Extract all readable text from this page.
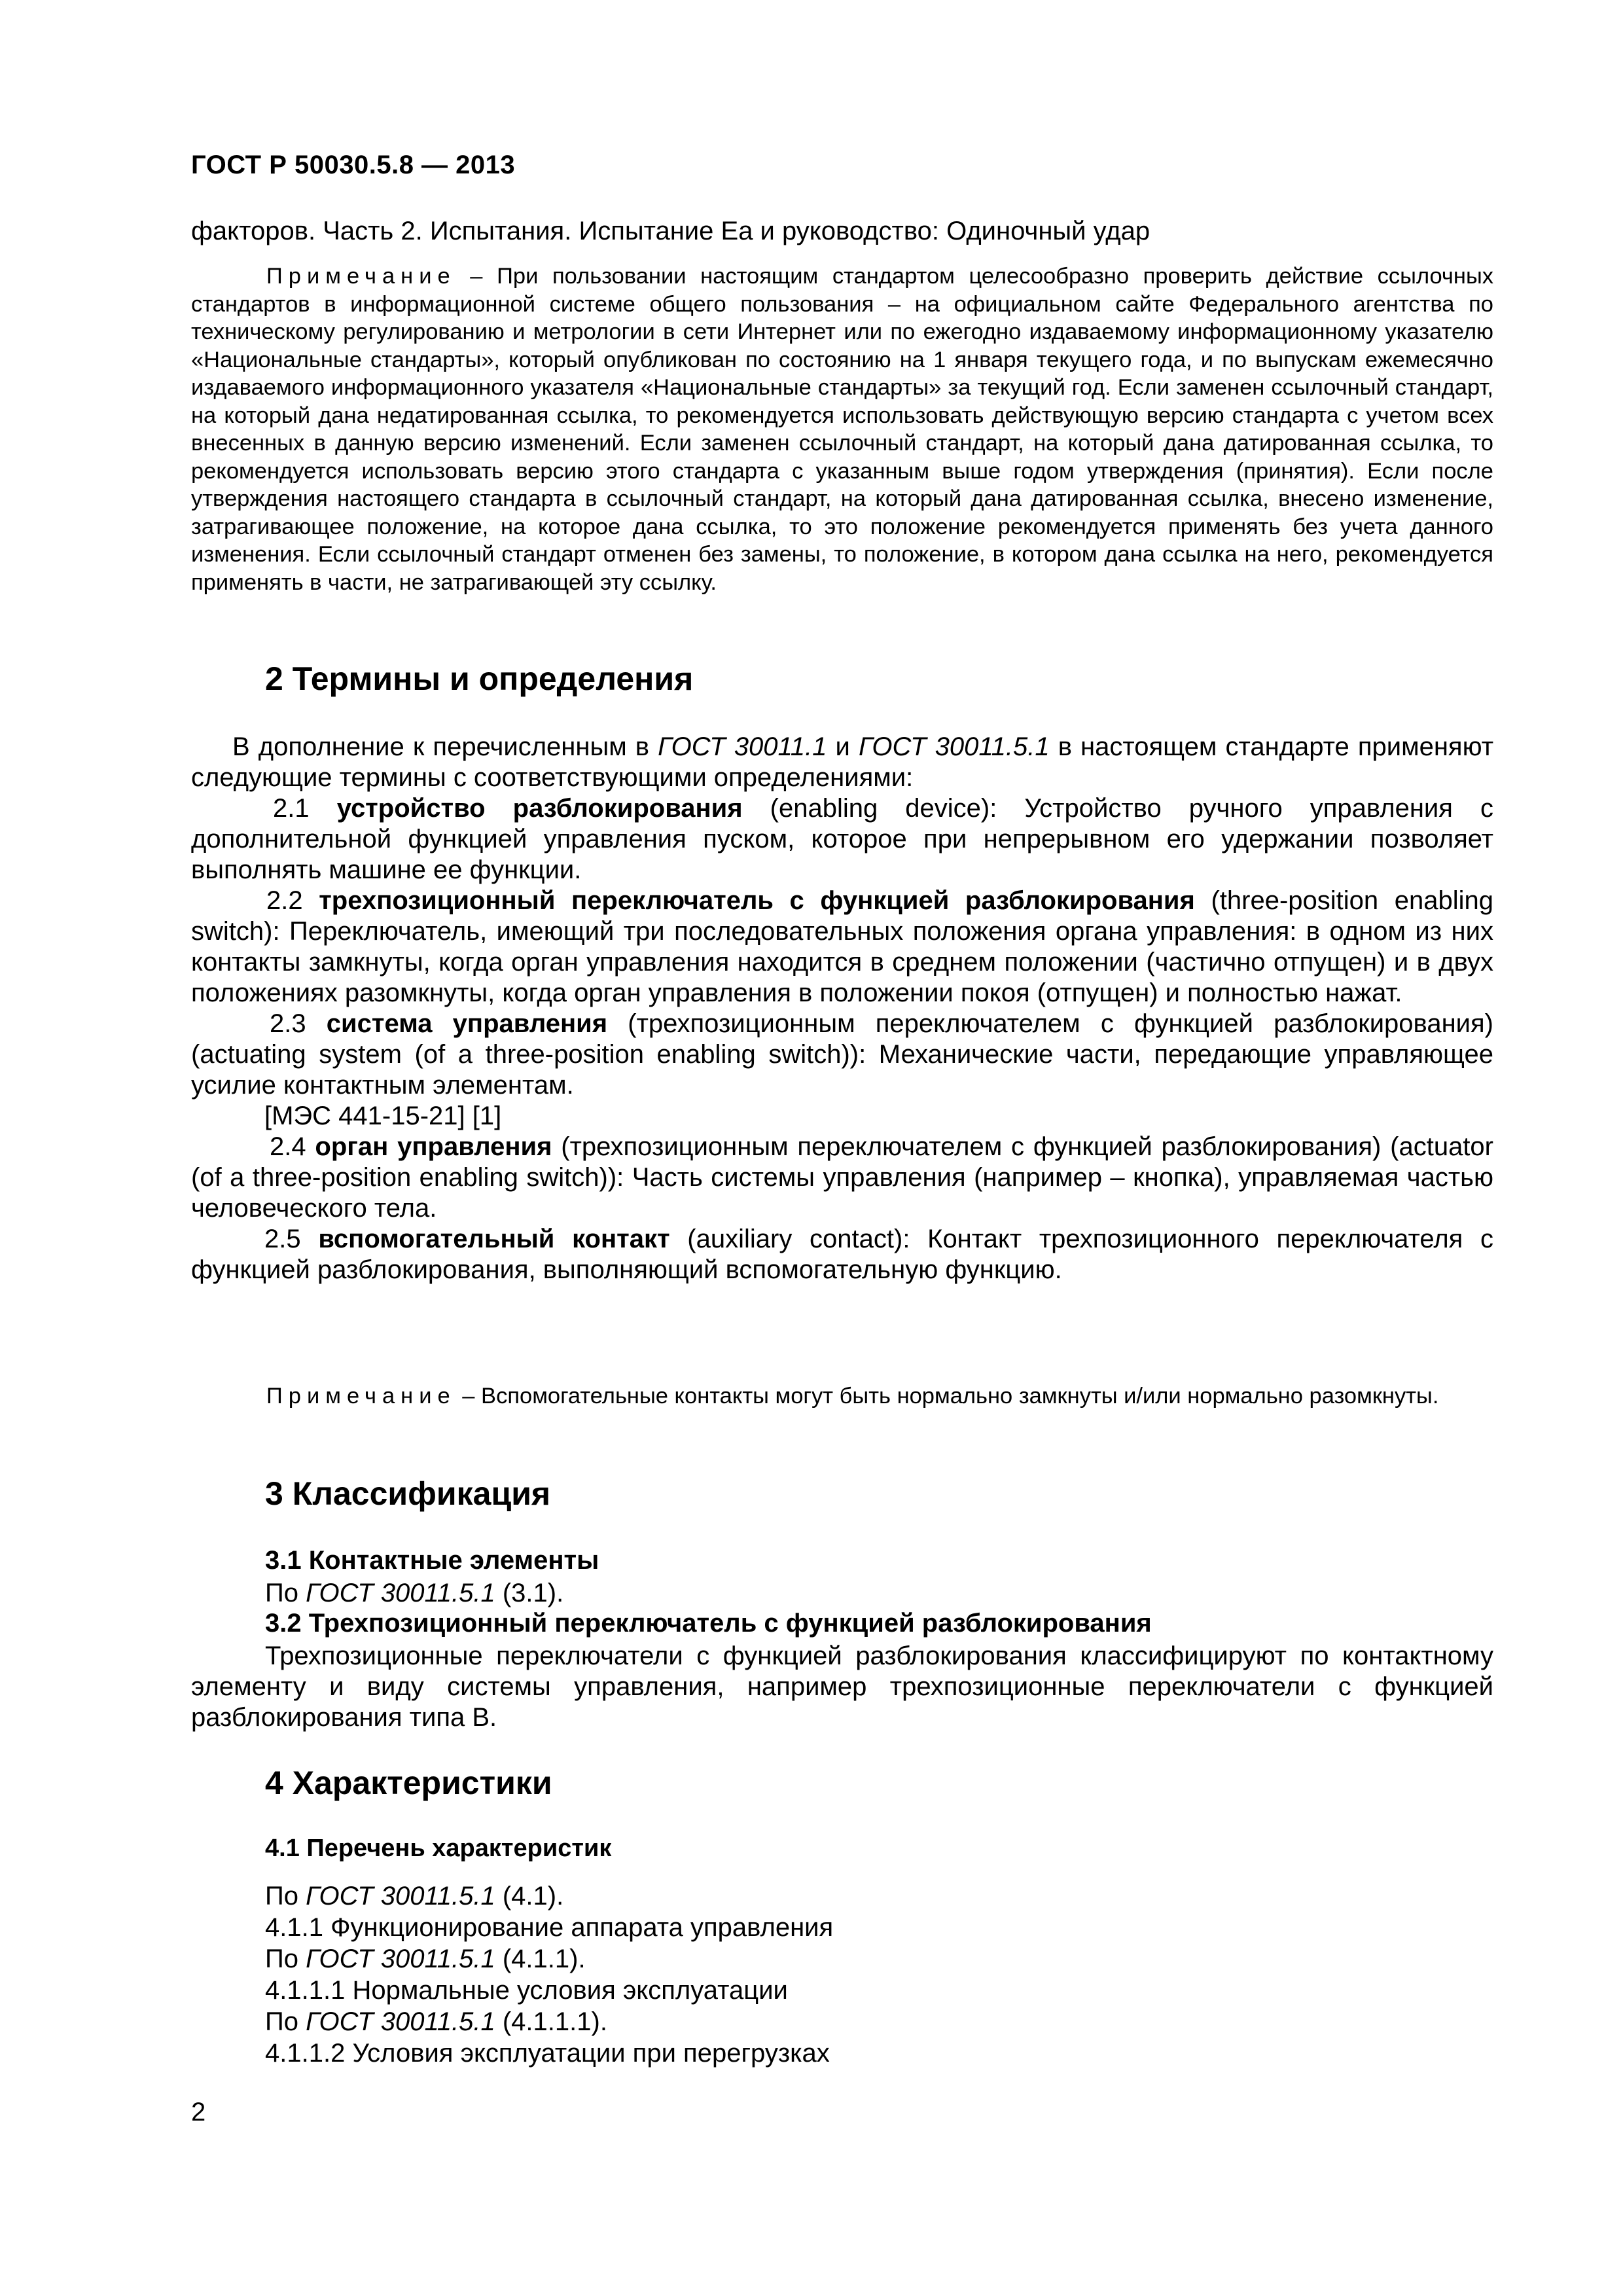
ГОСТ Р 50030.5.8 — 2013
факторов. Часть 2. Испытания. Испытание Ea и руководство: Одиночный удар
Примечание – При пользовании настоящим стандартом целесообразно проверить действие ссылочных стандартов в информационной системе общего пользования – на официальном сайте Федерального агентства по техническому регулированию и метрологии в сети Интернет или по ежегодно издаваемому информационному указателю «Национальные стандарты», который опубликован по состоянию на 1 января текущего года, и по выпускам ежемесячно издаваемого информационного указателя «Национальные стандарты» за текущий год. Если заменен ссылочный стандарт, на который дана недатированная ссылка, то рекомендуется использовать действующую версию стандарта с учетом всех внесенных в данную версию изменений. Если заменен ссылочный стандарт, на который дана датированная ссылка, то рекомендуется использовать версию этого стандарта с указанным выше годом утверждения (принятия). Если после утверждения настоящего стандарта в ссылочный стандарт, на который дана датированная ссылка, внесено изменение, затрагивающее положение, на которое дана ссылка, то это положение рекомендуется применять без учета данного изменения. Если ссылочный стандарт отменен без замены, то положение, в котором дана ссылка на него, рекомендуется применять в части, не затрагивающей эту ссылку.
2 Термины и определения
В дополнение к перечисленным в ГОСТ 30011.1 и ГОСТ 30011.5.1 в настоящем стандарте применяют следующие термины с соответствующими определениями:
2.1 устройство разблокирования (enabling device): Устройство ручного управления с дополнительной функцией управления пуском, которое при непрерывном его удержании позволяет выполнять машине ее функции.
2.2 трехпозиционный переключатель с функцией разблокирования (three-position enabling switch): Переключатель, имеющий три последовательных положения органа управления: в одном из них контакты замкнуты, когда орган управления находится в среднем положении (частично отпущен) и в двух положениях разомкнуты, когда орган управления в положении покоя (отпущен) и полностью нажат.
2.3 система управления (трехпозиционным переключателем с функцией разблокирования) (actuating system (of a three-position enabling switch)): Механические части, передающие управляющее усилие контактным элементам.
[МЭС 441-15-21] [1]
2.4 орган управления (трехпозиционным переключателем с функцией разблокирования) (actuator (of a three-position enabling switch)): Часть системы управления (например – кнопка), управляемая частью человеческого тела.
2.5 вспомогательный контакт (auxiliary contact): Контакт трехпозиционного переключателя с функцией разблокирования, выполняющий вспомогательную функцию.
Примечание – Вспомогательные контакты могут быть нормально замкнуты и/или нормально разомкнуты.
3 Классификация
3.1 Контактные элементы
По ГОСТ 30011.5.1 (3.1).
3.2 Трехпозиционный переключатель с функцией разблокирования
Трехпозиционные переключатели с функцией разблокирования классифицируют по контактному элементу и виду системы управления, например трехпозиционные переключатели с функцией разблокирования типа В.
4 Характеристики
4.1 Перечень характеристик
По ГОСТ 30011.5.1 (4.1).
4.1.1 Функционирование аппарата управления
По ГОСТ 30011.5.1 (4.1.1).
4.1.1.1 Нормальные условия эксплуатации
По ГОСТ 30011.5.1 (4.1.1.1).
4.1.1.2 Условия эксплуатации при перегрузках
2
